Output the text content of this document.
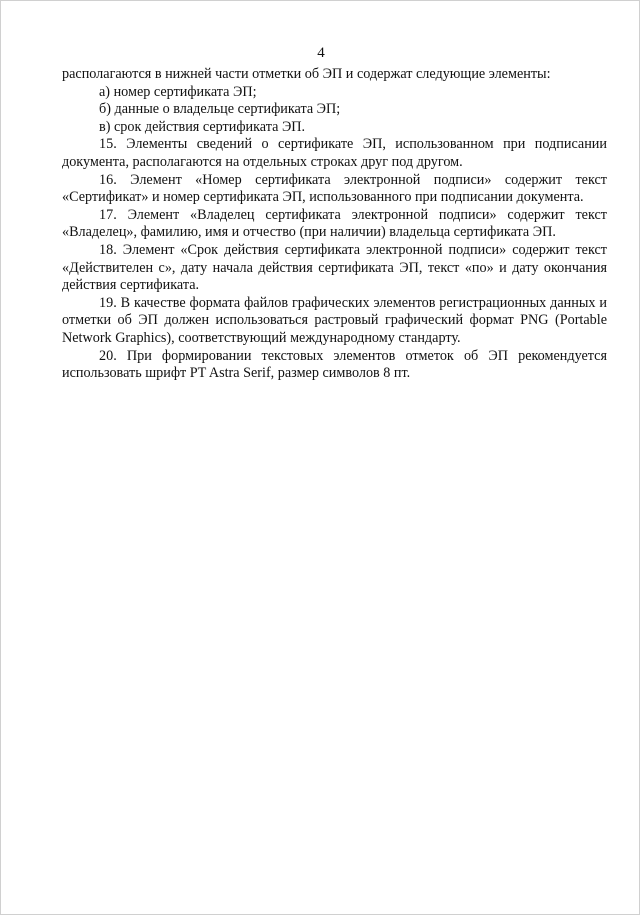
4

располагаются в нижней части отметки об ЭП и содержат следующие элементы:

а) номер сертификата ЭП;

б) данные о владельце сертификата ЭП;

в) срок действия сертификата ЭП.

15. Элементы сведений о сертификате ЭП, использованном при подписании документа, располагаются на отдельных строках друг под другом.

16. Элемент «Номер сертификата электронной подписи» содержит текст «Сертификат» и номер сертификата ЭП, использованного при подписании документа.

17. Элемент «Владелец сертификата электронной подписи» содержит текст «Владелец», фамилию, имя и отчество (при наличии) владельца сертификата ЭП.

18. Элемент «Срок действия сертификата электронной подписи» содержит текст «Действителен с», дату начала действия сертификата ЭП, текст «по» и дату окончания действия сертификата.

19. В качестве формата файлов графических элементов регистрационных данных и отметки об ЭП должен использоваться растровый графический формат PNG (Portable Network Graphics), соответствующий международному стандарту.

20. При формировании текстовых элементов отметок об ЭП рекомендуется использовать шрифт PT Astra Serif, размер символов 8 пт.
